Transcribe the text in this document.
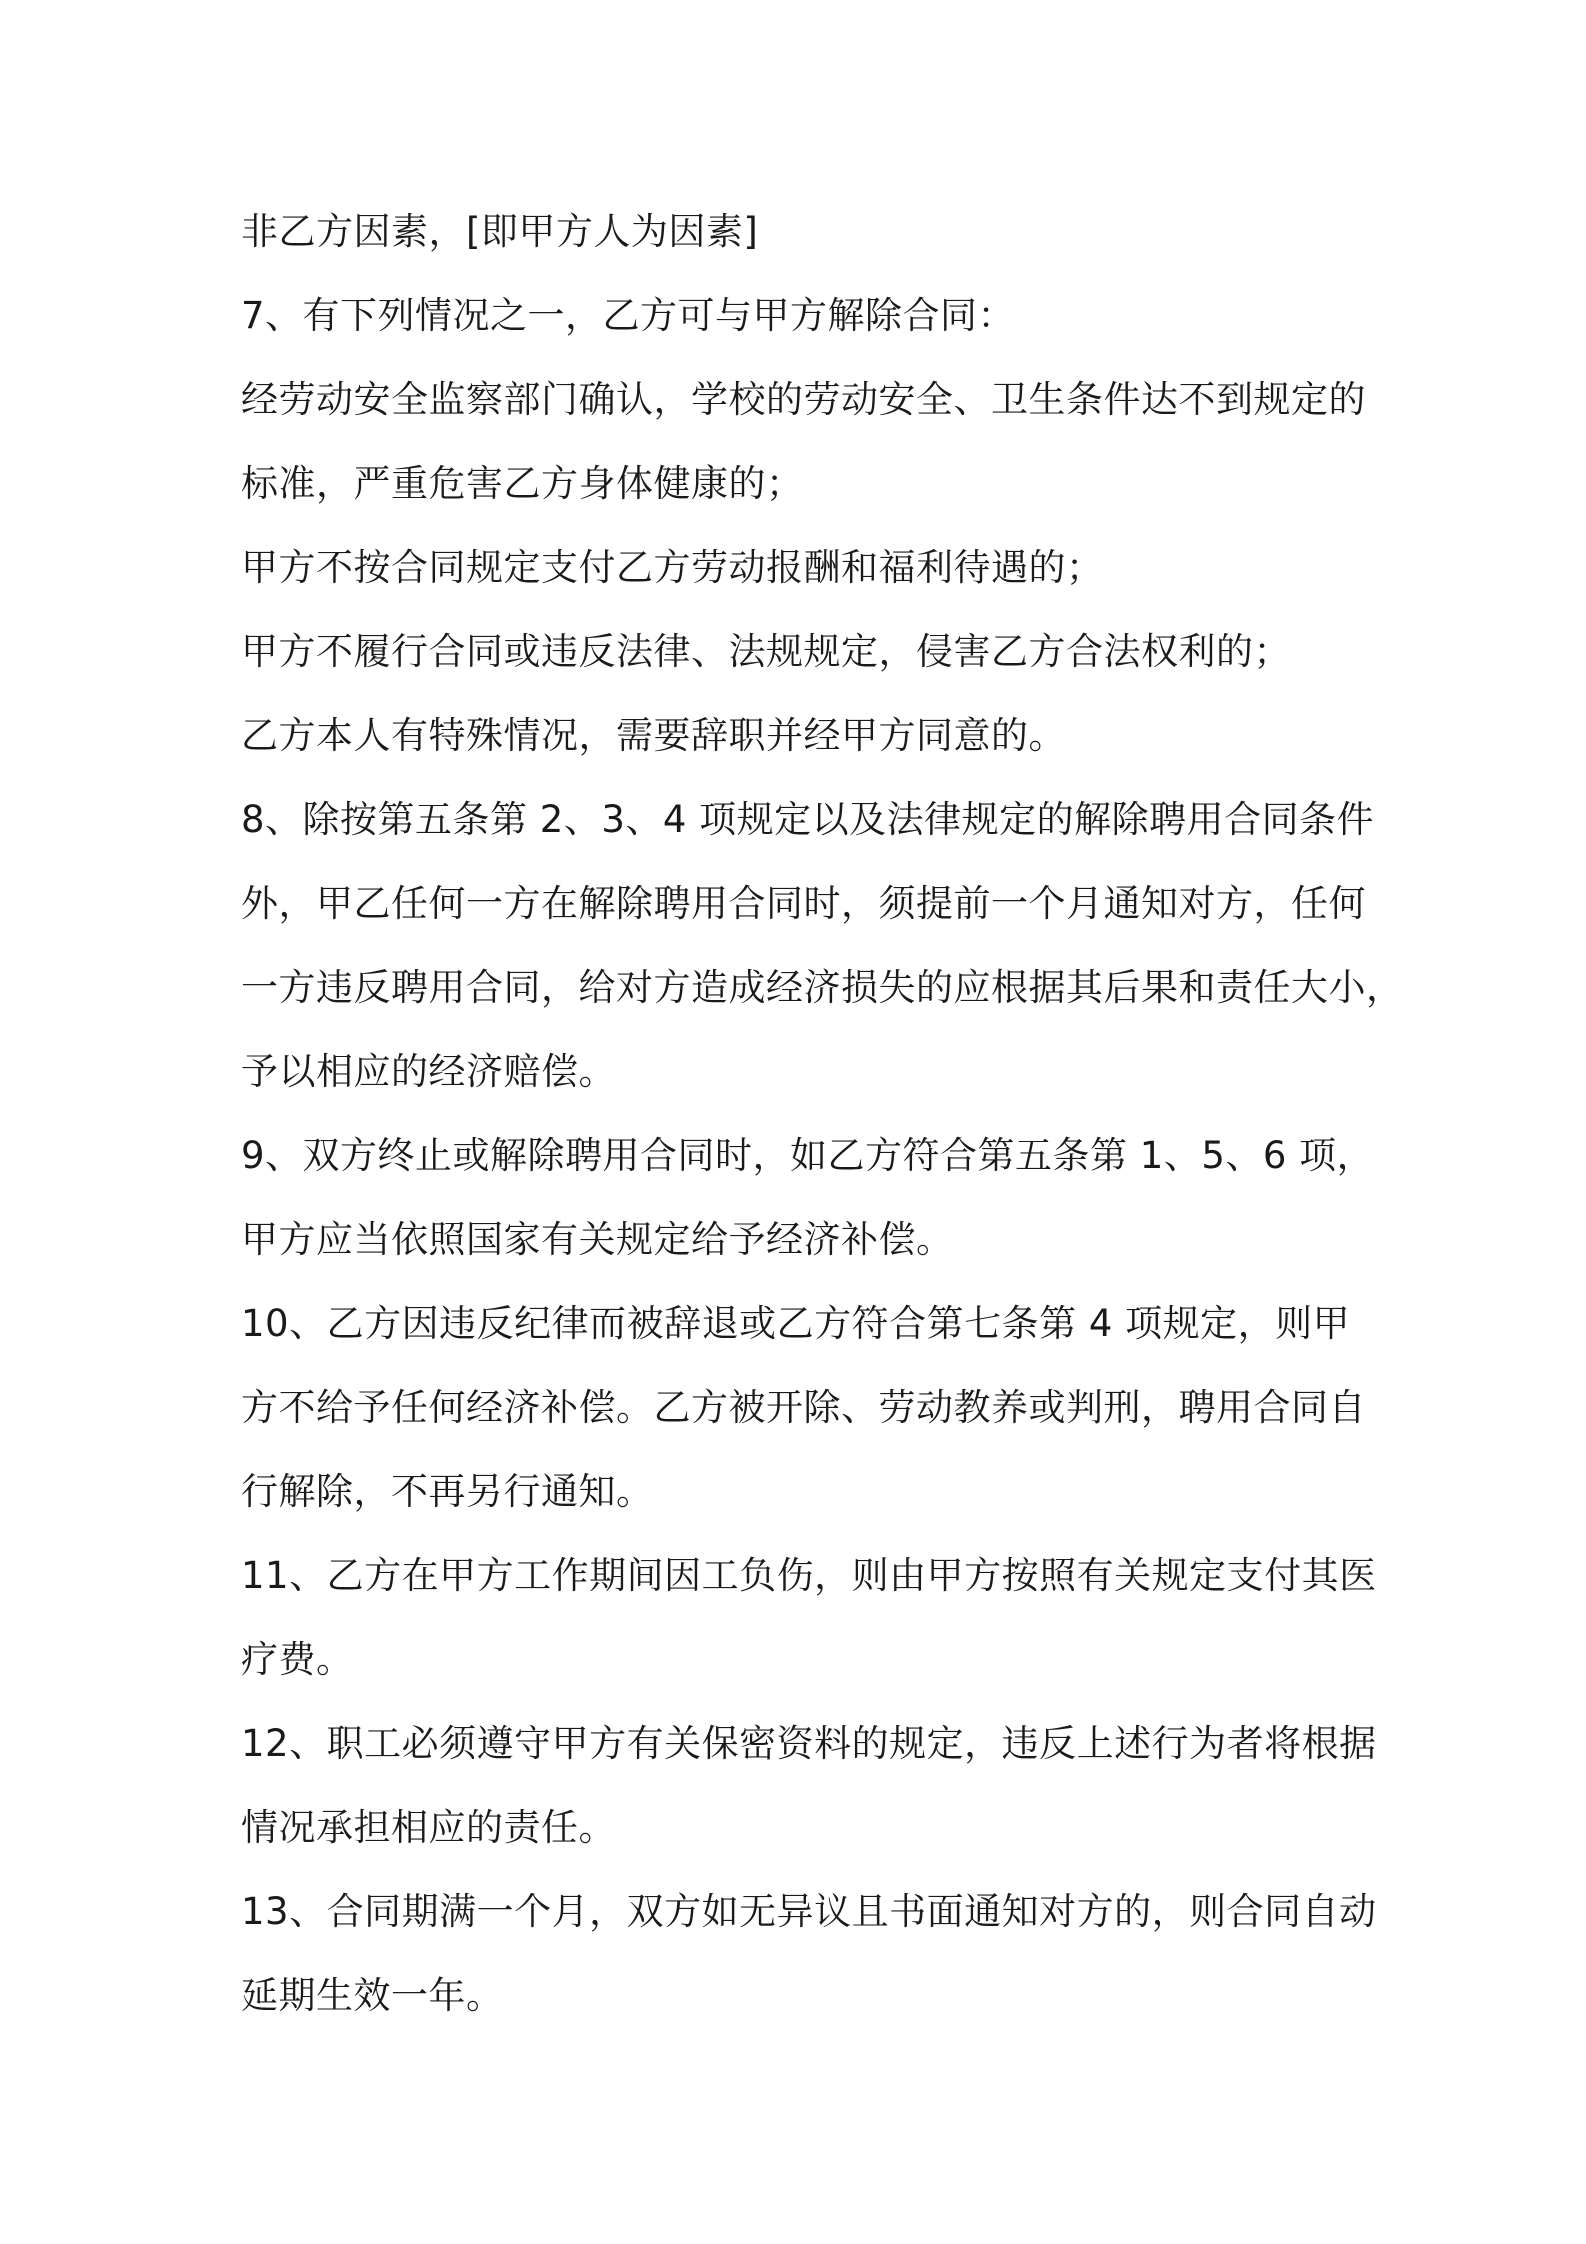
非乙方因素，[即甲方人为因素]
7、有下列情况之一，乙方可与甲方解除合同：
经劳动安全监察部门确认，学校的劳动安全、卫生条件达不到规定的
标准，严重危害乙方身体健康的；
甲方不按合同规定支付乙方劳动报酬和福利待遇的；
甲方不履行合同或违反法律、法规规定，侵害乙方合法权利的；
乙方本人有特殊情况，需要辞职并经甲方同意的。
8、除按第五条第 2、3、4 项规定以及法律规定的解除聘用合同条件
外，甲乙任何一方在解除聘用合同时，须提前一个月通知对方，任何
一方违反聘用合同，给对方造成经济损失的应根据其后果和责任大小，
予以相应的经济赔偿。
9、双方终止或解除聘用合同时，如乙方符合第五条第 1、5、6 项，
甲方应当依照国家有关规定给予经济补偿。
10、乙方因违反纪律而被辞退或乙方符合第七条第 4 项规定，则甲
方不给予任何经济补偿。乙方被开除、劳动教养或判刑，聘用合同自
行解除，不再另行通知。
11、乙方在甲方工作期间因工负伤，则由甲方按照有关规定支付其医
疗费。
12、职工必须遵守甲方有关保密资料的规定，违反上述行为者将根据
情况承担相应的责任。
13、合同期满一个月，双方如无异议且书面通知对方的，则合同自动
延期生效一年。
